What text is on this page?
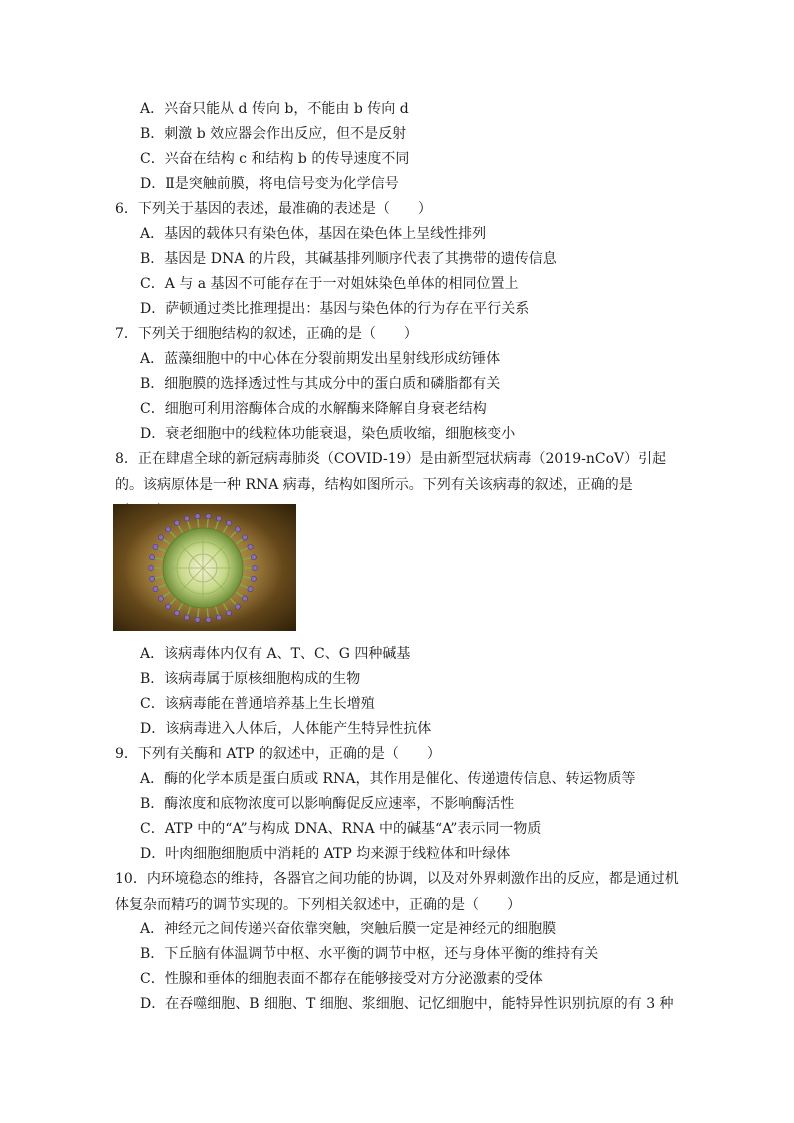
A．兴奋只能从 d 传向 b，不能由 b 传向 d
B．刺激 b 效应器会作出反应，但不是反射
C．兴奋在结构 c 和结构 b 的传导速度不同
D．Ⅱ是突触前膜，将电信号变为化学信号
6．下列关于基因的表述，最准确的表述是（　　）
A．基因的载体只有染色体，基因在染色体上呈线性排列
B．基因是 DNA 的片段，其碱基排列顺序代表了其携带的遗传信息
C．A 与 a 基因不可能存在于一对姐妹染色单体的相同位置上
D．萨顿通过类比推理提出：基因与染色体的行为存在平行关系
7．下列关于细胞结构的叙述，正确的是（　　）
A．蓝藻细胞中的中心体在分裂前期发出星射线形成纺锤体
B．细胞膜的选择透过性与其成分中的蛋白质和磷脂都有关
C．细胞可利用溶酶体合成的水解酶来降解自身衰老结构
D．衰老细胞中的线粒体功能衰退，染色质收缩，细胞核变小
8．正在肆虐全球的新冠病毒肺炎（COVID-19）是由新型冠状病毒（2019-nCoV）引起的。该病原体是一种 RNA 病毒，结构如图所示。下列有关该病毒的叙述，正确的是　　
A．该病毒体内仅有 A、T、C、G 四种碱基
B．该病毒属于原核细胞构成的生物
C．该病毒能在普通培养基上生长增殖
D．该病毒进入人体后，人体能产生特异性抗体
9．下列有关酶和 ATP 的叙述中，正确的是（　　）
A．酶的化学本质是蛋白质或 RNA，其作用是催化、传递遗传信息、转运物质等
B．酶浓度和底物浓度可以影响酶促反应速率，不影响酶活性
C．ATP 中的“A”与构成 DNA、RNA 中的碱基“A”表示同一物质
D．叶肉细胞细胞质中消耗的 ATP 均来源于线粒体和叶绿体
10．内环境稳态的维持，各器官之间功能的协调，以及对外界刺激作出的反应，都是通过机体复杂而精巧的调节实现的。下列相关叙述中，正确的是（　　）
A．神经元之间传递兴奋依靠突触，突触后膜一定是神经元的细胞膜
B．下丘脑有体温调节中枢、水平衡的调节中枢，还与身体平衡的维持有关
C．性腺和垂体的细胞表面不都存在能够接受对方分泌激素的受体
D．在吞噬细胞、B 细胞、T 细胞、浆细胞、记忆细胞中，能特异性识别抗原的有 3 种
